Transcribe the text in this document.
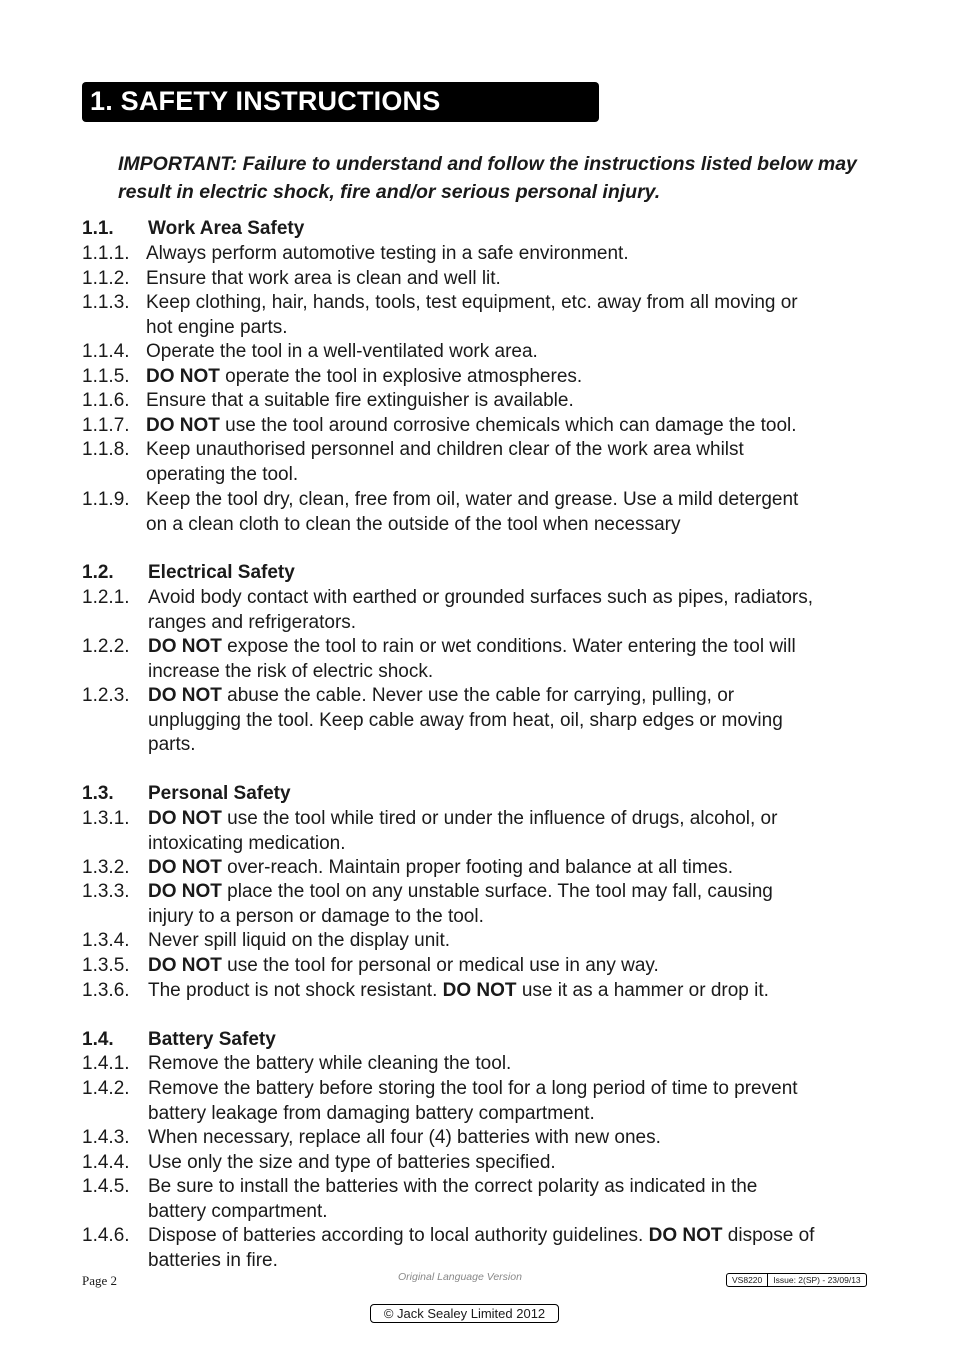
1. SAFETY INSTRUCTIONS
IMPORTANT: Failure to understand and follow the instructions listed below may result in electric shock, fire and/or serious personal injury.
1.1. Work Area Safety
1.1.1. Always perform automotive testing in a safe environment.
1.1.2. Ensure that work area is clean and well lit.
1.1.3. Keep clothing, hair, hands, tools, test equipment, etc. away from all moving or
hot engine parts.
1.1.4. Operate the tool in a well-ventilated work area.
1.1.5. DO NOT operate the tool in explosive atmospheres.
1.1.6. Ensure that a suitable fire extinguisher is available.
1.1.7. DO NOT use the tool around corrosive chemicals which can damage the tool.
1.1.8. Keep unauthorised personnel and children clear of the work area whilst
operating the tool.
1.1.9. Keep the tool dry, clean, free from oil, water and grease. Use a mild detergent
on a clean cloth to clean the outside of the tool when necessary
1.2. Electrical Safety
1.2.1. Avoid body contact with earthed or grounded surfaces such as pipes, radiators,
ranges and refrigerators.
1.2.2. DO NOT expose the tool to rain or wet conditions. Water entering the tool will
increase the risk of electric shock.
1.2.3. DO NOT abuse the cable. Never use the cable for carrying, pulling, or
unplugging the tool. Keep cable away from heat, oil, sharp edges or moving
parts.
1.3. Personal Safety
1.3.1. DO NOT use the tool while tired or under the influence of drugs, alcohol, or
intoxicating medication.
1.3.2. DO NOT over-reach. Maintain proper footing and balance at all times.
1.3.3. DO NOT place the tool on any unstable surface. The tool may fall, causing
injury to a person or damage to the tool.
1.3.4. Never spill liquid on the display unit.
1.3.5. DO NOT use the tool for personal or medical use in any way.
1.3.6. The product is not shock resistant. DO NOT use it as a hammer or drop it.
1.4. Battery Safety
1.4.1. Remove the battery while cleaning the tool.
1.4.2. Remove the battery before storing the tool for a long period of time to prevent
battery leakage from damaging battery compartment.
1.4.3. When necessary, replace all four (4) batteries with new ones.
1.4.4. Use only the size and type of batteries specified.
1.4.5. Be sure to install the batteries with the correct polarity as indicated in the
battery compartment.
1.4.6. Dispose of batteries according to local authority guidelines. DO NOT dispose of
batteries in fire.
Page 2	Original Language Version	VS8220	Issue: 2(SP) - 23/09/13
© Jack Sealey Limited 2012
